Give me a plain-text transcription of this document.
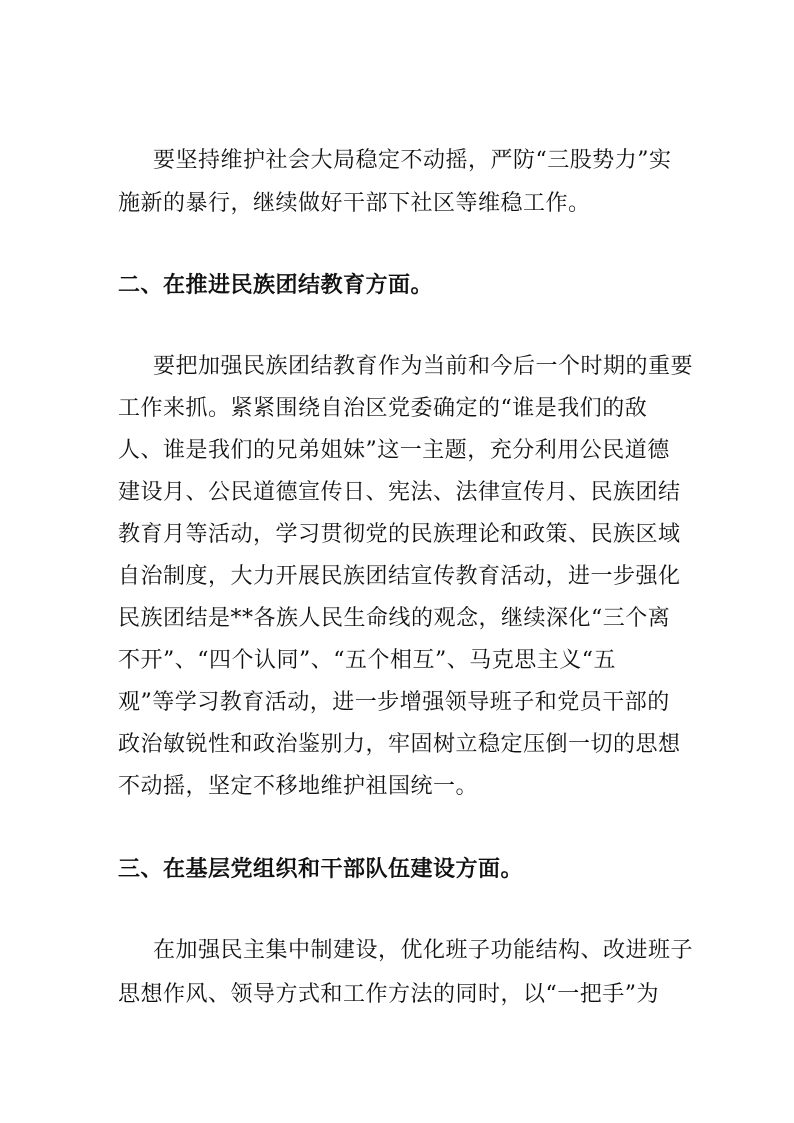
要坚持维护社会大局稳定不动摇，严防“三股势力”实

施新的暴行，继续做好干部下社区等维稳工作。

二、在推进民族团结教育方面。

要把加强民族团结教育作为当前和今后一个时期的重要

工作来抓。紧紧围绕自治区党委确定的“谁是我们的敌

人、谁是我们的兄弟姐妹”这一主题，充分利用公民道德

建设月、公民道德宣传日、宪法、法律宣传月、民族团结

教育月等活动，学习贯彻党的民族理论和政策、民族区域

自治制度，大力开展民族团结宣传教育活动，进一步强化

民族团结是**各族人民生命线的观念，继续深化“三个离

不开”、“四个认同”、“五个相互”、马克思主义“五

观”等学习教育活动，进一步增强领导班子和党员干部的

政治敏锐性和政治鉴别力，牢固树立稳定压倒一切的思想

不动摇，坚定不移地维护祖国统一。

三、在基层党组织和干部队伍建设方面。

在加强民主集中制建设，优化班子功能结构、改进班子

思想作风、领导方式和工作方法的同时，以“一把手”为
